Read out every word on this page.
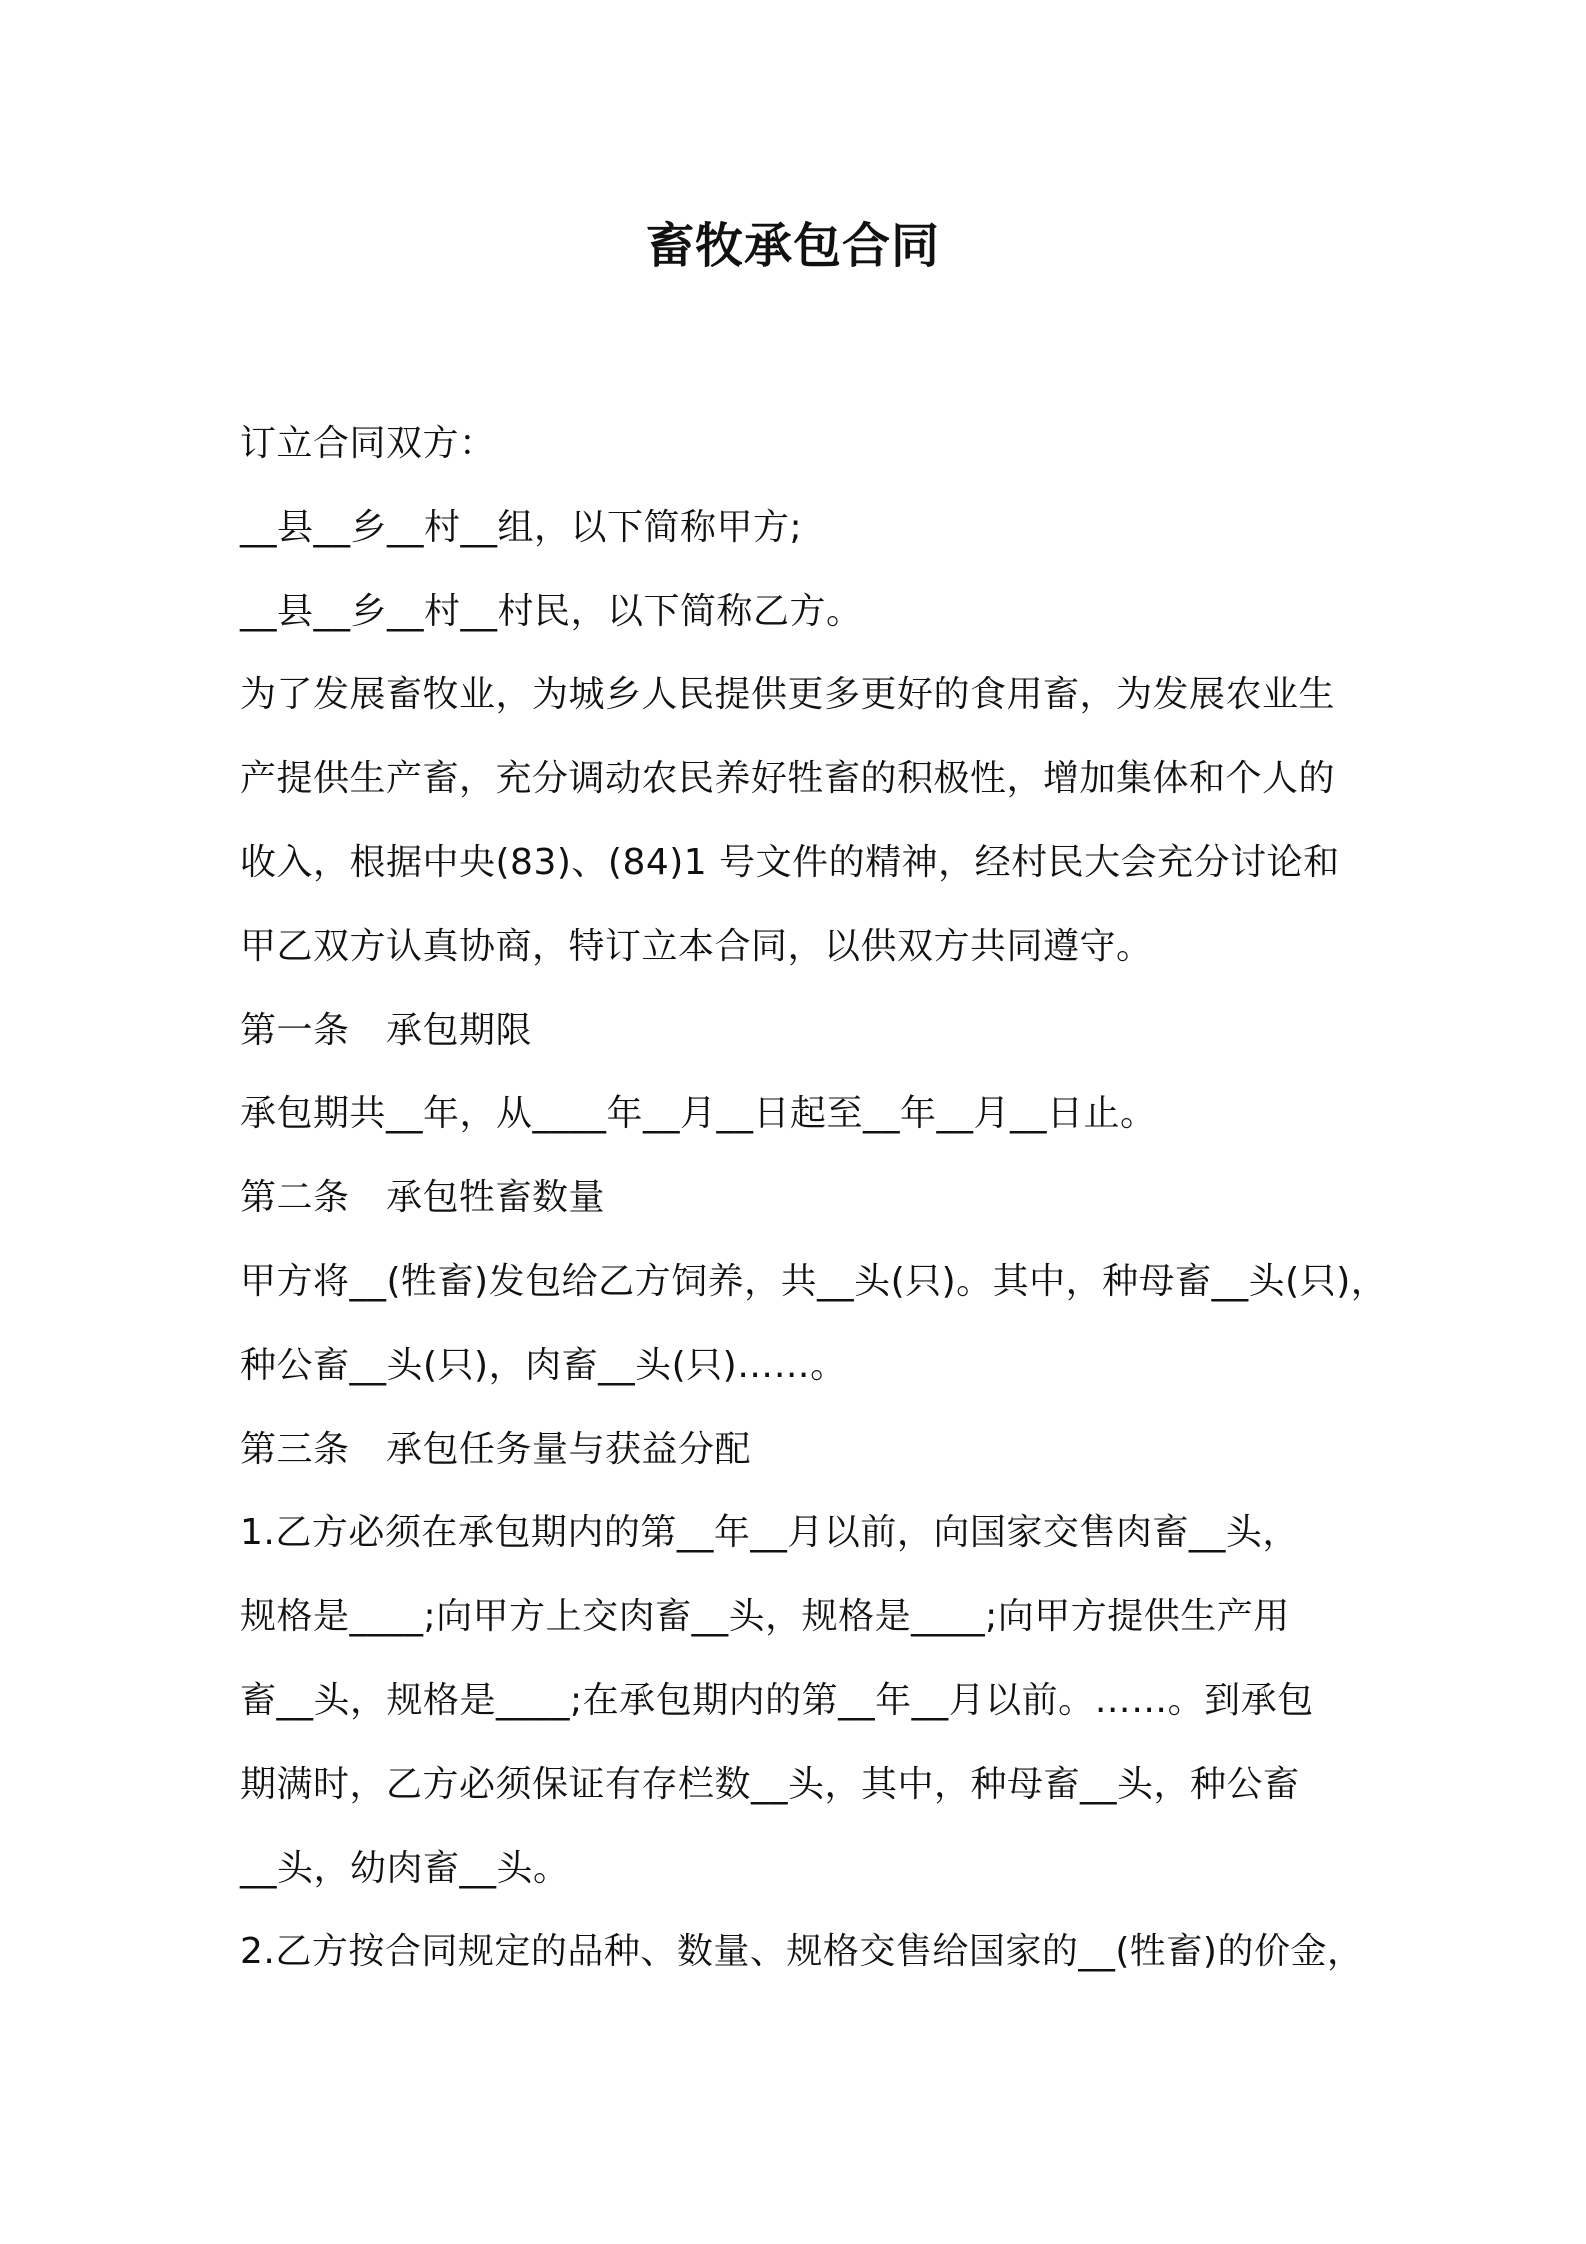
畜牧承包合同
订立合同双方：
__县__乡__村__组，以下简称甲方;
__县__乡__村__村民，以下简称乙方。
为了发展畜牧业，为城乡人民提供更多更好的食用畜，为发展农业生
产提供生产畜，充分调动农民养好牲畜的积极性，增加集体和个人的
收入，根据中央(83)、(84)1 号文件的精神，经村民大会充分讨论和
甲乙双方认真协商，特订立本合同，以供双方共同遵守。
第一条　承包期限
承包期共__年，从____年__月__日起至__年__月__日止。
第二条　承包牲畜数量
甲方将__(牲畜)发包给乙方饲养，共__头(只)。其中，种母畜__头(只)，
种公畜__头(只)，肉畜__头(只)……。
第三条　承包任务量与获益分配
1.乙方必须在承包期内的第__年__月以前，向国家交售肉畜__头，
规格是____;向甲方上交肉畜__头，规格是____;向甲方提供生产用
畜__头，规格是____;在承包期内的第__年__月以前。……。到承包
期满时，乙方必须保证有存栏数__头，其中，种母畜__头，种公畜
__头，幼肉畜__头。
2.乙方按合同规定的品种、数量、规格交售给国家的__(牲畜)的价金，
